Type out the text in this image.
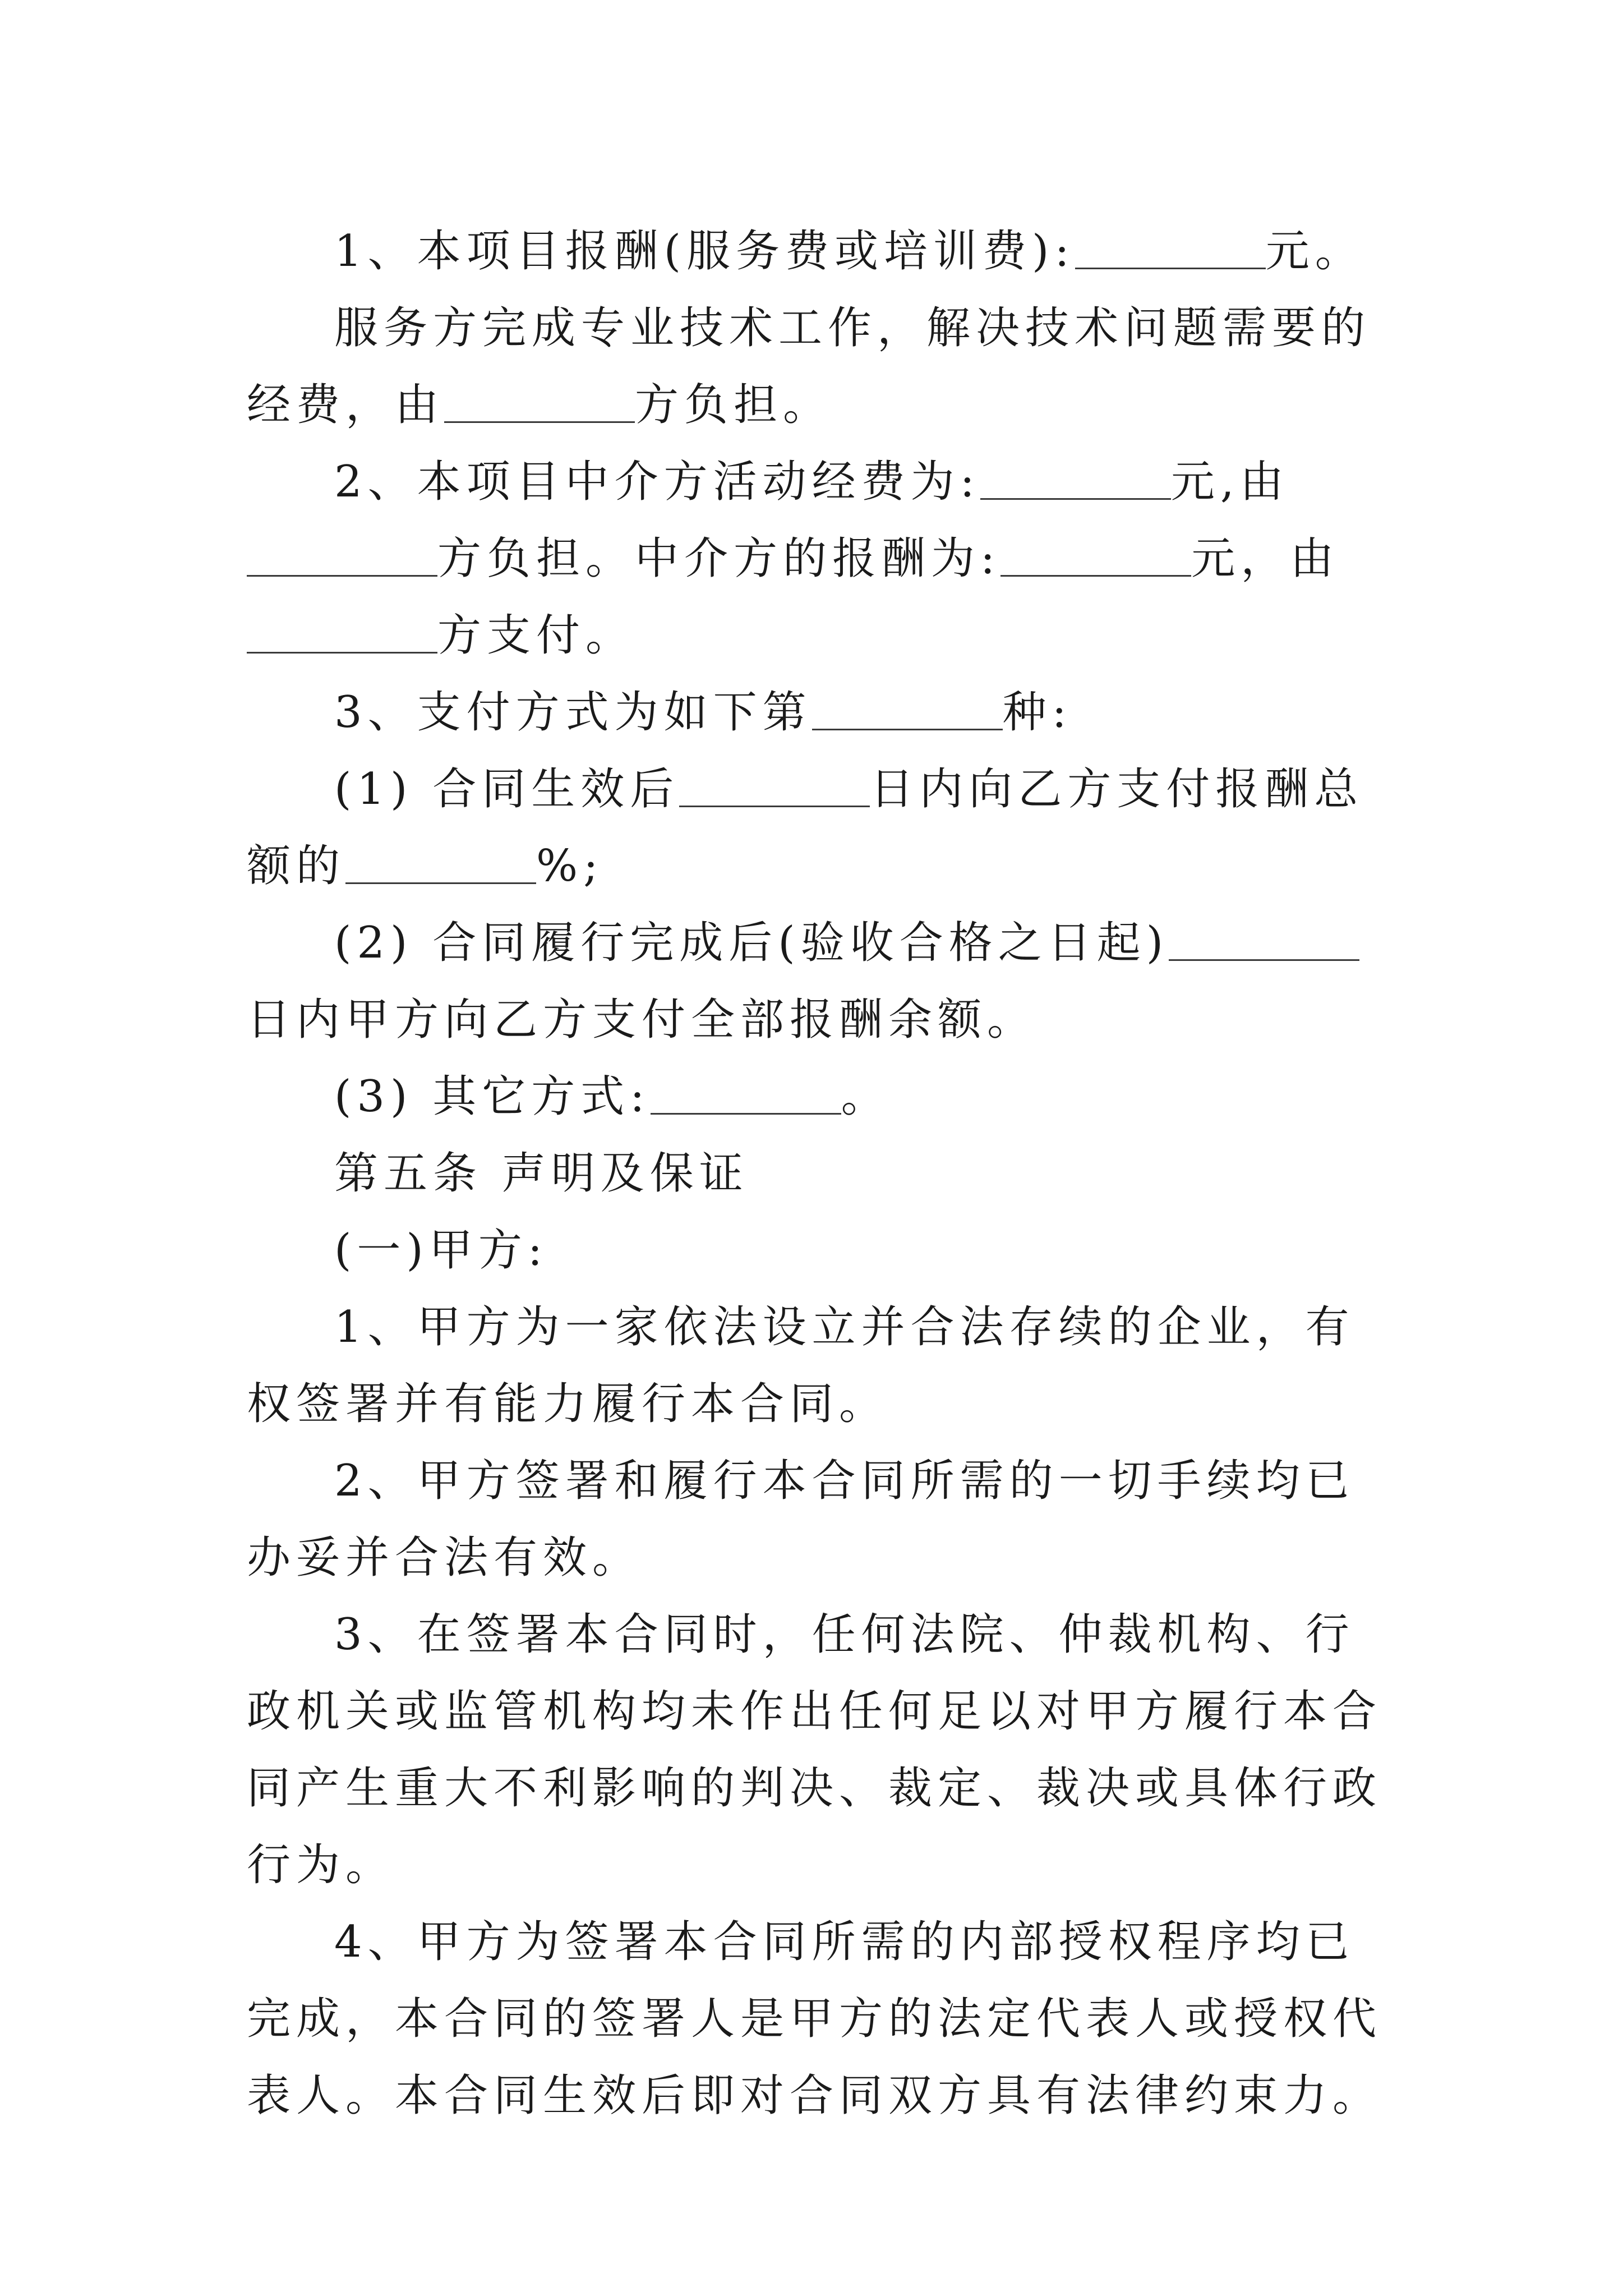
1、本项目报酬(服务费或培训费):	元。

服务方完成专业技术工作，解决技术问题需要的经费，由	方负担。

2、本项目中介方活动经费为:	元,由方负担。中介方的报酬为:	元，由方支付。

3、支付方式为如下第	种:

(1) 合同生效后	日内向乙方支付报酬总额的	%;

(2) 合同履行完成后(验收合格之日起)日内甲方向乙方支付全部报酬余额。

(3) 其它方式:	。

第五条 声明及保证

(一)甲方:

1、甲方为一家依法设立并合法存续的企业，有权签署并有能力履行本合同。

2、甲方签署和履行本合同所需的一切手续均已办妥并合法有效。

3、在签署本合同时，任何法院、仲裁机构、行政机关或监管机构均未作出任何足以对甲方履行本合同产生重大不利影响的判决、裁定、裁决或具体行政行为。

4、甲方为签署本合同所需的内部授权程序均已完成，本合同的签署人是甲方的法定代表人或授权代表人。本合同生效后即对合同双方具有法律约束力。
